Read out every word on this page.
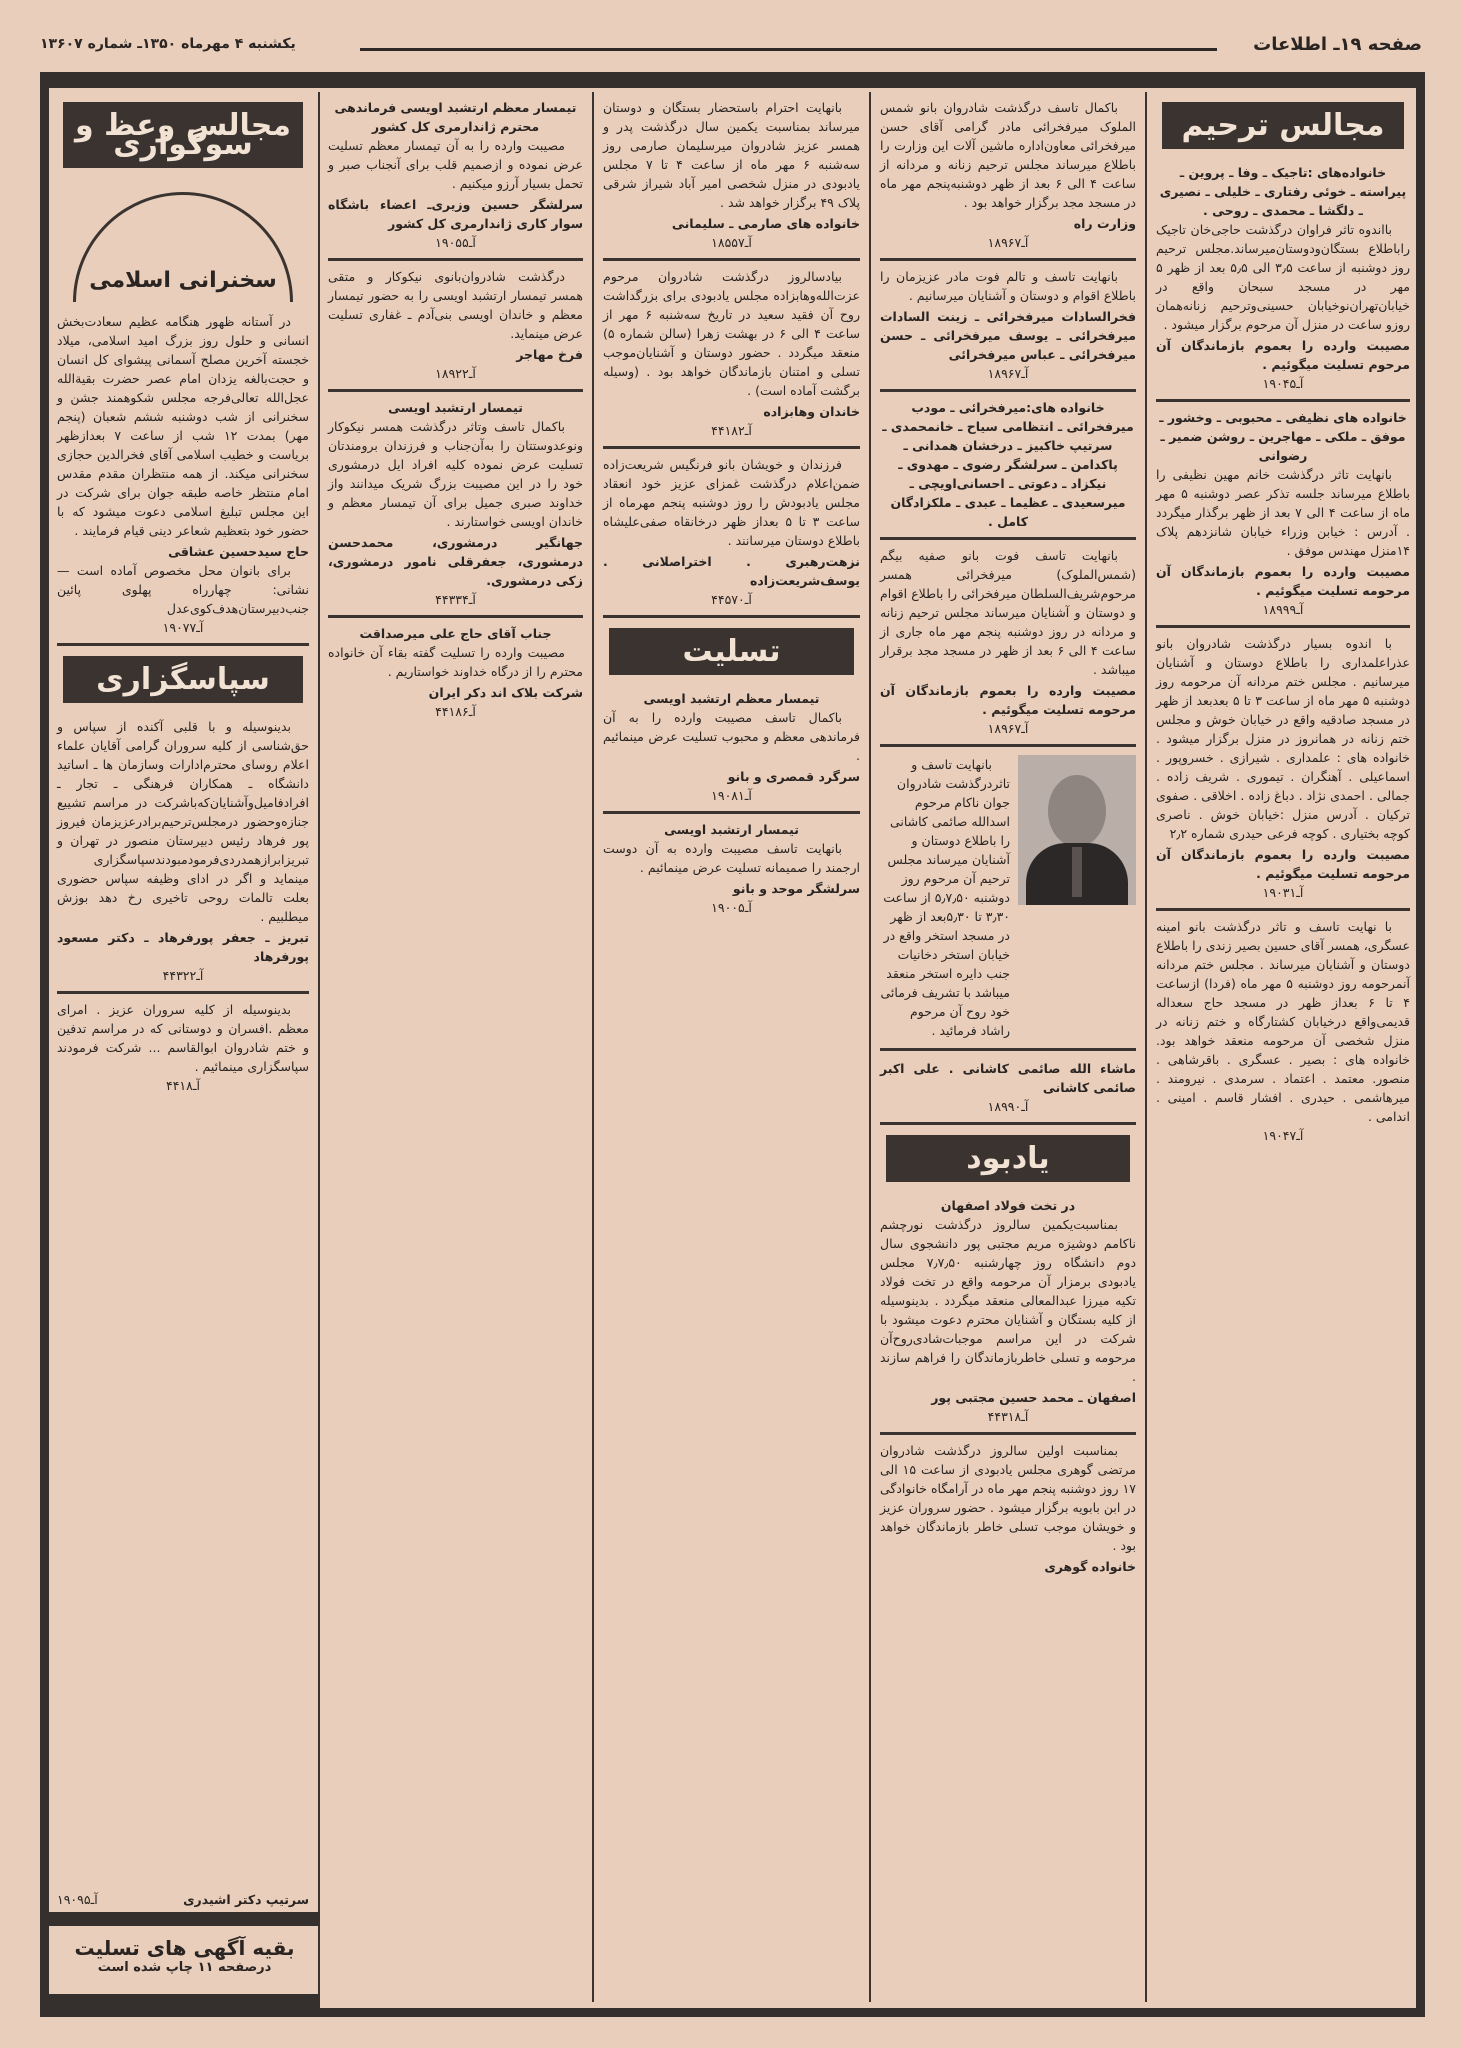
صفحه ۱۹ـ اطلاعات
یکشنبه ۴ مهرماه ۱۳۵۰ـ شماره ۱۳۶۰۷
مجالس ترحیم
خانواده‌های :تاجیک ـ وفا ـ پروین ـ پیراسته ـ خوئی رفتاری ـ خلیلی ـ نصیری ـ دلگشا ـ محمدی ـ روحی .
بااندوه تاثر فراوان درگذشت حاجی‌خان تاجیک راباطلاع بستگان‌ودوستان‌میرساند.مجلس ترحیم روز دوشنبه از ساعت ۳٫۵ الی ۵٫۵ بعد از ظهر ۵ مهر در مسجد سبحان واقع در خیابان‌تهران‌نو‌خیابان حسینی‌وترحیم زنانه‌همان روزو ساعت در منزل آن مرحوم برگزار میشود .
مصیبت وارده را بعموم بازماندگان آن مرحوم تسلیت میگوئیم .
آـ۱۹۰۴۵
خانواده های نظیفی ـ محبوبی ـ وخشور ـ موفق ـ ملکی ـ مهاجرین ـ روشن ضمیر ـ رضوانی
بانهایت تاثر درگذشت خانم مهین نظیفی را باطلاع میرساند جلسه تذکر عصر دوشنبه ۵ مهر ماه از ساعت ۴ الی ۷ بعد از ظهر برگذار میگردد . آدرس : خیابن وزراء خیابان شانزدهم پلاک ۱۴منزل مهندس موفق .
مصیبت وارده را بعموم بازماندگان آن مرحومه تسلیت میگوئیم .
آـ۱۸۹۹۹
با اندوه بسیار درگذشت شادروان بانو عذراعلمداری را باطلاع دوستان و آشنایان میرسانیم . مجلس ختم مردانه آن مرحومه روز دوشنبه ۵ مهر ماه از ساعت ۳ تا ۵ بعدبعد از ظهر در مسجد صادقیه واقع در خیابان خوش و مجلس ختم زنانه در همانروز در منزل برگزار میشود . خانواده های : علمداری . شیرازی . خسروپور . اسماعیلی . آهنگران . تیموری . شریف زاده . جمالی . احمدی نژاد . دباغ زاده . اخلاقی . صفوی ترکیان . آدرس منزل :خیابان خوش . ناصری کوچه بختیاری . کوچه فرعی حیدری شماره ۲٫۲
مصیبت وارده را بعموم بازماندگان آن مرحومه تسلیت میگوئیم .
آـ۱۹۰۳۱
با نهایت تاسف و تاثر درگذشت بانو امینه عسگری، همسر آقای حسین بصیر زندی را باطلاع دوستان و آشنایان میرساند . مجلس ختم مردانه آنمرحومه روز دوشنبه ۵ مهر ماه (فردا) ازساعت ۴ تا ۶ بعداز ظهر در مسجد حاج سعداله قدیمی‌واقع درخیابان کشتارگاه و ختم زنانه در منزل شخصی آن مرحومه منعقد خواهد بود. خانواده های : بصیر . عسگری . باقرشاهی . منصور. معتمد . اعتماد . سرمدی . نیرومند . میرهاشمی . حیدری . افشار قاسم . امینی . اندامی .
آـ۱۹۰۴۷
باکمال تاسف درگذشت شادروان بانو شمس الملوک میرفخرائی مادر گرامی آقای حسن میرفخرائی معاون‌اداره ماشین آلات این وزارت را باطلاع میرساند مجلس ترحیم زنانه و مردانه از ساعت ۴ الی ۶ بعد از ظهر دوشنبه‌پنجم مهر ماه در مسجد مجد برگزار خواهد بود .
وزارت راه
آـ۱۸۹۶۷
بانهایت تاسف و تالم فوت مادر عزیزمان را باطلاع اقوام و دوستان و آشنایان میرسانیم .
فخرالسادات میرفخرائی ـ زینت السادات میرفخرائی ـ یوسف میرفخرائی ـ حسن میرفخرائی ـ عباس میرفخرائی
آـ۱۸۹۶۷
خانواده های:میرفخرائی ـ مودب میرفخرائی ـ انتظامی سیاح ـ خانمحمدی ـ سرتیپ خاکبیز ـ درخشان همدانی ـ پاکدامن ـ سرلشگر رضوی ـ مهدوی ـ نیکزاد ـ دعوتی ـ احسانی‌اویچی ـ میرسعیدی ـ عظیما ـ عبدی ـ ملکزادگان کامل .
بانهایت تاسف فوت بانو صفیه بیگم (شمس‌الملوک) میرفخرائی همسر مرحوم‌شریف‌السلطان میرفخرائی را باطلاع اقوام و دوستان و آشنایان میرساند مجلس ترحیم زنانه و مردانه در روز دوشنبه پنجم مهر ماه جاری از ساعت ۴ الی ۶ بعد از ظهر در مسجد مجد برقرار میباشد .
مصیبت وارده را بعموم بازماندگان آن مرحومه تسلیت میگوئیم .
آـ۱۸۹۶۷
بانهایت تاسف و تاثردرگذشت شادروان جوان ناکام مرحوم اسدالله صائمی کاشانی را باطلاع دوستان و آشنایان میرساند مجلس ترحیم آن مرحوم روز دوشنبه ۵٫۷٫۵۰ از ساعت ۳٫۳۰ تا ۵٫۳۰بعد از ظهر در مسجد استخر واقع در خیابان استخر دخانیات جنب دایره استخر منعقد میباشد با تشریف فرمائی خود روح آن مرحوم راشاد فرمائید .
ماشاء الله صائمی کاشانی . علی اکبر صائمی کاشانی
آـ۱۸۹۹۰
یادبود
در تخت فولاد اصفهان
بمناسبت‌یکمین سالروز درگذشت نورچشم ناکامم دوشیزه مریم مجتبی پور دانشجوی سال دوم دانشگاه روز چهارشنبه ۷٫۷٫۵۰ مجلس یادبودی برمزار آن مرحومه واقع در تخت فولاد تکیه میرزا عبدالمعالی منعقد میگردد . بدینوسیله از کلیه بستگان و آشنایان محترم دعوت میشود با شرکت در این مراسم موجبات‌شادی‌روح‌آن مرحومه و تسلی خاطربازماندگان را فراهم سازند .
اصفهان ـ محمد حسین مجتبی پور
آـ۴۴۳۱۸
بمناسبت اولین سالروز درگذشت شادروان مرتضی گوهری مجلس یادبودی از ساعت ۱۵ الی ۱۷ روز دوشنبه پنجم مهر ماه در آرامگاه خانوادگی در ابن بابویه برگزار میشود . حضور سروران عزیز و خویشان موجب تسلی خاطر بازماندگان خواهد بود .
خانواده گوهری
بانهایت احترام باستحضار بستگان و دوستان میرساند بمناسبت یکمین سال درگذشت پدر و همسر عزیز شادروان میرسلیمان صارمی روز سه‌شنبه ۶ مهر ماه از ساعت ۴ تا ۷ مجلس یادبودی در منزل شخصی امیر آباد شیراز شرقی پلاک ۴۹ برگزار خواهد شد .
خانواده های صارمی ـ سلیمانی
آـ۱۸۵۵۷
بیادسالروز درگذشت شادروان مرحوم عزت‌الله‌وهابزاده مجلس یادبودی برای بزرگداشت روح آن فقید سعید در تاریخ سه‌شنبه ۶ مهر از ساعت ۴ الی ۶ در بهشت زهرا (سالن شماره ۵) منعقد میگردد . حضور دوستان و آشنایان‌موجب تسلی و امتنان بازماندگان خواهد بود . (وسیله برگشت آماده است) .
خاندان وهابزاده
آـ۴۴۱۸۲
فرزندان و خویشان بانو فرنگیس شریعت‌زاده ضمن‌اعلام درگذشت غمزای عزیز خود انعقاد مجلس یادبودش را روز دوشنبه پنجم مهرماه از ساعت ۳ تا ۵ بعداز ظهر درخانقاه صفی‌علیشاه باطلاع دوستان میرسانند .
نزهت‌رهبری . اختراصلانی . یوسف‌شریعت‌زاده
آـ۴۴۵۷۰
تسلیت
تیمسار معظم ارتشبد اویسی
باکمال تاسف مصیبت وارده را به آن فرماندهی معظم و محبوب تسلیت عرض مینمائیم .
سرگرد قمصری و بانو
آـ۱۹۰۸۱
تیمسار ارتشبد اویسی
بانهایت تاسف مصیبت وارده به آن دوست ارجمند را صمیمانه تسلیت عرض مینمائیم .
سرلشگر موحد و بانو
آـ۱۹۰۰۵
تیمسار معظم ارتشبد اویسی فرماندهی محترم ژاندارمری کل کشور
مصیبت وارده را به آن تیمسار معظم تسلیت عرض نموده و ازصمیم قلب برای آنجناب صبر و تحمل بسیار آرزو میکنیم .
سرلشگر حسین وزیری‌ـ اعضاء باشگاه سوار کاری ژاندارمری کل کشور
آـ۱۹۰۵۵
درگذشت شادروان‌بانوی نیکوکار و متقی همسر تیمسار ارتشبد اویسی را به حضور تیمسار معظم و خاندان اویسی بنی‌آدم ـ غفاری تسلیت عرض مینماید.
فرخ مهاجر
آـ۱۸۹۲۲
تیمسار ارتشبد اویسی
باکمال تاسف وتاثر درگذشت همسر نیکوکار ونوعدوستتان را به‌آن‌جناب و فرزندان برومندتان تسلیت عرض نموده کلیه افراد ایل درمشوری خود را در این مصیبت بزرگ شریک میدانند واز خداوند صبری جمیل برای آن تیمسار معظم و خاندان اویسی خواستارند .
جهانگیر درمشوری، محمدحسن درمشوری، جعفرقلی نامور درمشوری، زکی درمشوری.
آـ۴۴۳۳۴
جناب آقای حاج علی میرصداقت
مصیبت وارده را تسلیت گفته بقاء آن خانواده محترم را از درگاه خداوند خواستاریم .
شرکت بلاک اند دکر ایران
آـ۴۴۱۸۶
مجالس وعظ و سوگواری
سخنرانی اسلامی
در آستانه ظهور هنگامه عظیم سعادت‌بخش انسانی و حلول روز بزرگ امید اسلامی، میلاد خجسته آخرین مصلح آسمانی پیشوای کل انسان و حجت‌بالغه یزدان امام عصر حضرت بقیةالله عجل‌الله تعالی‌فرجه مجلس شکوهمند جشن و سخنرانی از شب دوشنبه ششم شعبان (پنجم مهر) بمدت ۱۲ شب از ساعت ۷ بعدازظهر بریاست و خطیب اسلامی آقای فخرالدین حجازی سخنرانی میکند. از همه منتظران مقدم مقدس امام منتظر خاصه طبقه جوان برای شرکت در این مجلس تبلیغ اسلامی دعوت میشود که با حضور خود بتعظیم شعاعر دینی قیام فرمایند .
حاج سیدحسین عشاقی
برای بانوان محل مخصوص آماده است — نشانی: چهارراه پهلوی پائین جنب‌دبیرستان‌هدف‌کوی‌عدل
آـ۱۹۰۷۷
سپاسگزاری
بدینوسیله و با قلبی آکنده از سپاس و حق‌شناسی از کلیه سروران گرامی آقایان علماء اعلام روسای محترم‌ادارات وسازمان ها ـ اساتید دانشگاه ـ همکاران فرهنگی ـ تجار ـ افرادفامیل‌وآشنایان‌که‌باشرکت در مراسم تشییع جنازه‌وحضور درمجلس‌ترحیم‌برادرعزیزمان فیروز پور فرهاد رئیس دبیرستان منصور در تهران و تبریزابرازهمدردی‌فرمودمبودندسپاسگزاری مینماید و اگر در ادای وظیفه سپاس حضوری بعلت تالمات روحی تاخیری رخ دهد بوزش میطلبیم .
تبریز ـ جعفر پورفرهاد ـ دکتر مسعود پورفرهاد
آـ۴۴۳۲۲
بدینوسیله از کلیه سروران عزیز . امرای معظم .افسران و دوستانی که در مراسم تدفین و ختم شادروان ابوالقاسم ... شرکت فرمودند سپاسگزاری مینمائیم .
آـ۴۴۱۸
سرتیپ دکتر اشیدری
آـ۱۹۰۹۵
بقیه آگهی های تسلیت
درصفحه ۱۱ چاپ شده است
